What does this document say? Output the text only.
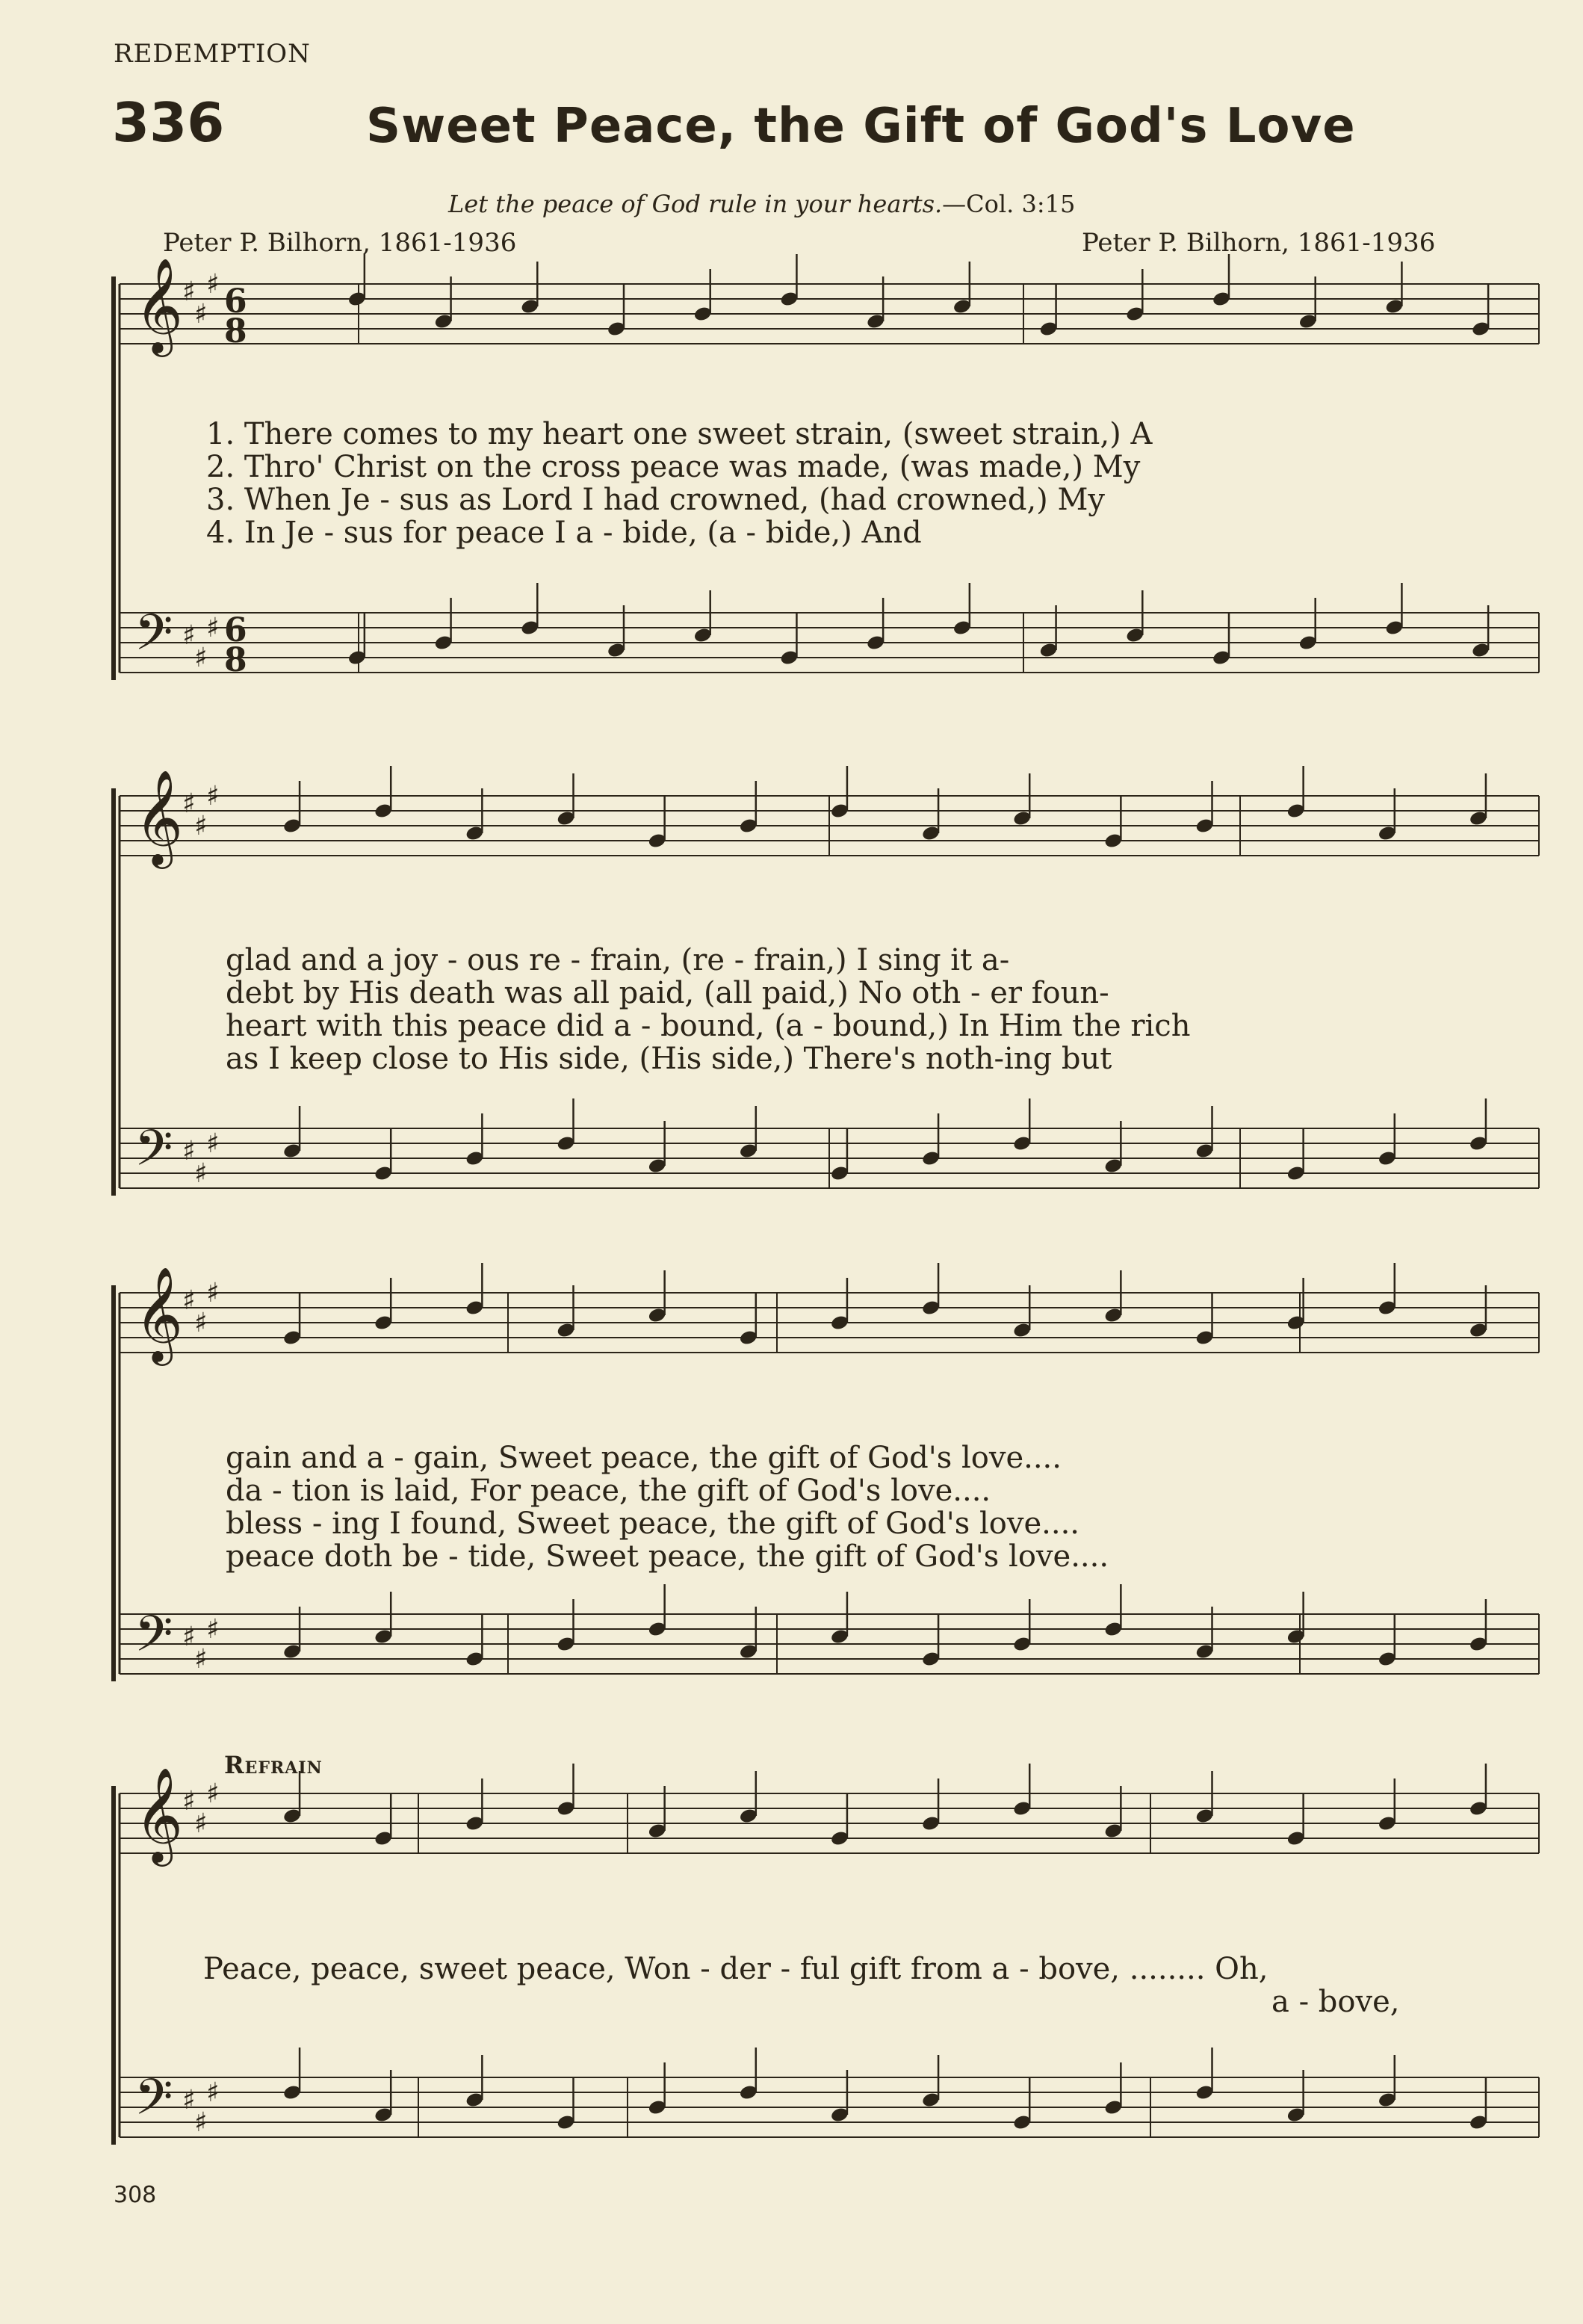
REDEMPTION
336	Sweet Peace, the Gift of God's Love
Let the peace of God rule in your hearts.—Col. 3:15
Peter P. Bilhorn, 1861-1936	Peter P. Bilhorn, 1861-1936
𝄞
𝄢
♯
♯
♯
♯
♯
♯
6
8
6
8
𝄞
𝄢
♯
♯
♯
♯
♯
♯
𝄞
𝄢
♯
♯
♯
♯
♯
♯
𝄞
𝄢
♯
♯
♯
♯
♯
♯
1. There comes to my heart one sweet strain, (sweet strain,) A
2. Thro' Christ on the cross peace was made, (was made,) My
3. When Je - sus as Lord I had crowned, (had crowned,) My
4. In Je - sus for peace I a - bide, (a - bide,) And
glad and a joy - ous re - frain, (re - frain,) I sing it a-
debt by His death was all paid, (all paid,) No oth - er foun-
heart with this peace did a - bound, (a - bound,) In Him the rich
as I keep close to His side, (His side,) There's noth-ing but
gain and a - gain, Sweet peace, the gift of God's love....
da - tion is laid, For peace, the gift of God's love....
bless - ing I found, Sweet peace, the gift of God's love....
peace doth be - tide, Sweet peace, the gift of God's love....
Refrain
Peace, peace, sweet peace, Won - der - ful gift from a - bove, ........ Oh,
a - bove,
308
